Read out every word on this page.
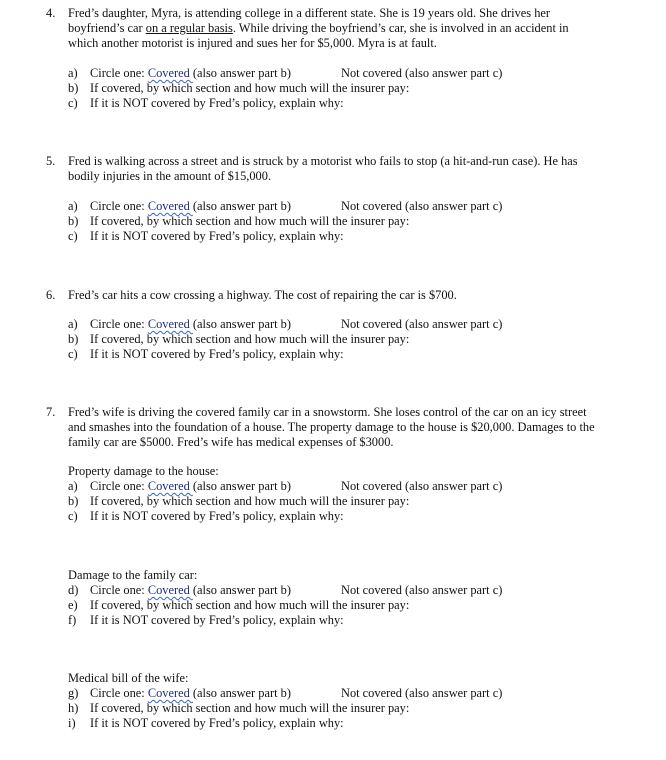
4. Fred’s daughter, Myra, is attending college in a different state. She is 19 years old. She drives her boyfriend’s car on a regular basis. While driving the boyfriend’s car, she is involved in an accident in which another motorist is injured and sues her for $5,000. Myra is at fault.
a) Circle one: Covered (also answer part b)	Not covered (also answer part c)
b) If covered, by which section and how much will the insurer pay:
c) If it is NOT covered by Fred’s policy, explain why:
5. Fred is walking across a street and is struck by a motorist who fails to stop (a hit-and-run case). He has bodily injuries in the amount of $15,000.
a) Circle one: Covered (also answer part b)	Not covered (also answer part c)
b) If covered, by which section and how much will the insurer pay:
c) If it is NOT covered by Fred’s policy, explain why:
6. Fred’s car hits a cow crossing a highway. The cost of repairing the car is $700.
a) Circle one: Covered (also answer part b)	Not covered (also answer part c)
b) If covered, by which section and how much will the insurer pay:
c) If it is NOT covered by Fred’s policy, explain why:
7. Fred’s wife is driving the covered family car in a snowstorm. She loses control of the car on an icy street and smashes into the foundation of a house. The property damage to the house is $20,000. Damages to the family car are $5000. Fred’s wife has medical expenses of $3000.
Property damage to the house:
a) Circle one: Covered (also answer part b)	Not covered (also answer part c)
b) If covered, by which section and how much will the insurer pay:
c) If it is NOT covered by Fred’s policy, explain why:
Damage to the family car:
d) Circle one: Covered (also answer part b)	Not covered (also answer part c)
e) If covered, by which section and how much will the insurer pay:
f) If it is NOT covered by Fred’s policy, explain why:
Medical bill of the wife:
g) Circle one: Covered (also answer part b)	Not covered (also answer part c)
h) If covered, by which section and how much will the insurer pay:
i) If it is NOT covered by Fred’s policy, explain why:
